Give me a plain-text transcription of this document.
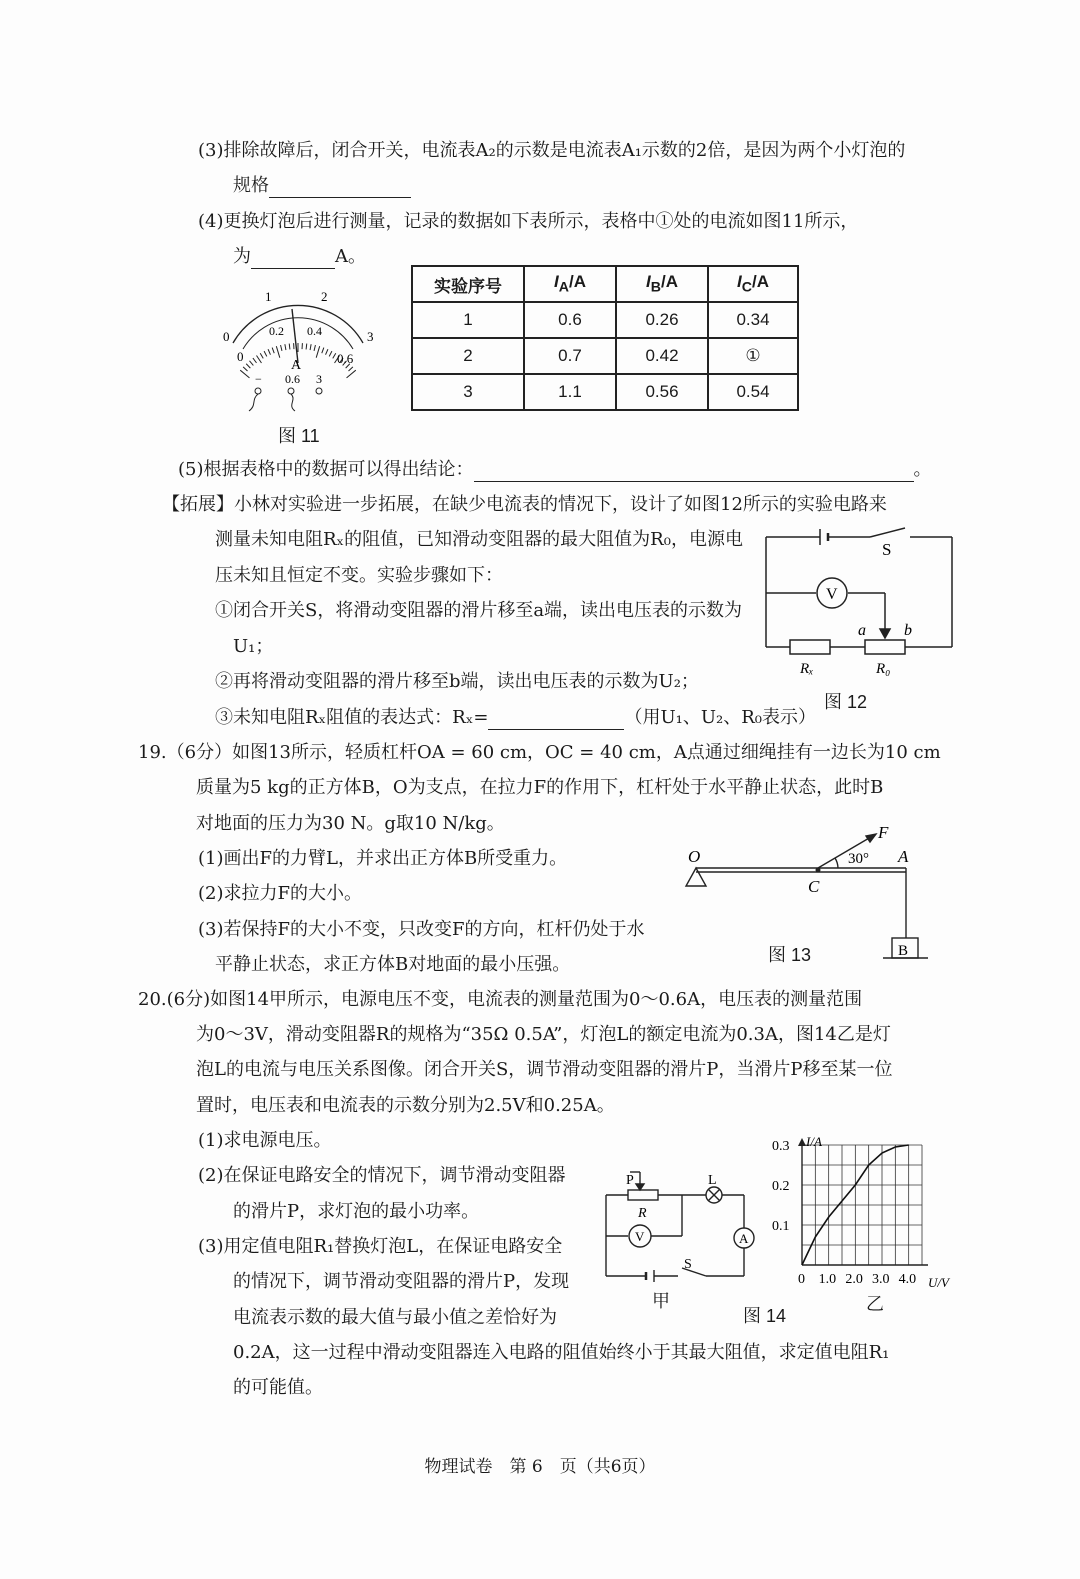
(3)排除故障后，闭合开关，电流表A₂的示数是电流表A₁示数的2倍，是因为两个小灯泡的
规格
(4)更换灯泡后进行测量，记录的数据如下表所示，表格中①处的电流如图11所示，
为	A。
0
1	2
3
0
0.2 0.4
0.6
A
− 0.6 3
图 11
实验序号	$I_A/A$	$I_B/A$	$I_C/A$
1	0.6	0.26	0.34
2	0.7	0.42	①
3	1.1	0.56	0.54
(5)根据表格中的数据可以得出结论：	。
【拓展】小林对实验进一步拓展，在缺少电流表的情况下，设计了如图12所示的实验电路来
测量未知电阻Rₓ的阻值，已知滑动变阻器的最大阻值为R₀，电源电
压未知且恒定不变。实验步骤如下：
①闭合开关S，将滑动变阻器的滑片移至a端，读出电压表的示数为
U₁；
②再将滑动变阻器的滑片移至b端，读出电压表的示数为U₂；
③未知电阻Rₓ阻值的表达式：Rₓ=	（用U₁、U₂、R₀表示）
S
V
a b
Rₓ	R₀
图 12
19.（6分）如图13所示，轻质杠杆OA = 60 cm，OC = 40 cm，A点通过细绳挂有一边长为10 cm
质量为5 kg的正方体B，O为支点，在拉力F的作用下，杠杆处于水平静止状态，此时B
对地面的压力为30 N。g取10 N/kg。
(1)画出F的力臂L，并求出正方体B所受重力。
(2)求拉力F的大小。
(3)若保持F的大小不变，只改变F的方向，杠杆仍处于水
平静止状态，求正方体B对地面的最小压强。
O
C
A
F
30°
B
图 13
20.(6分)如图14甲所示，电源电压不变，电流表的测量范围为0～0.6A，电压表的测量范围
为0～3V，滑动变阻器R的规格为“35Ω 0.5A”，灯泡L的额定电流为0.3A，图14乙是灯
泡L的电流与电压关系图像。闭合开关S，调节滑动变阻器的滑片P，当滑片P移至某一位
置时，电压表和电流表的示数分别为2.5V和0.25A。
(1)求电源电压。
(2)在保证电路安全的情况下，调节滑动变阻器
的滑片P，求灯泡的最小功率。
(3)用定值电阻R₁替换灯泡L，在保证电路安全
的情况下，调节滑动变阻器的滑片P，发现
电流表示数的最大值与最小值之差恰好为
0.2A，这一过程中滑动变阻器连入电路的阻值始终小于其最大阻值，求定值电阻R₁
的可能值。
P
R
L
V	A
S
甲
图 14
0 1.0 2.0 3.0 4.0
0.1
0.2
0.3 I/A
U/V
乙
物理试卷　第 6　页（共6页）
